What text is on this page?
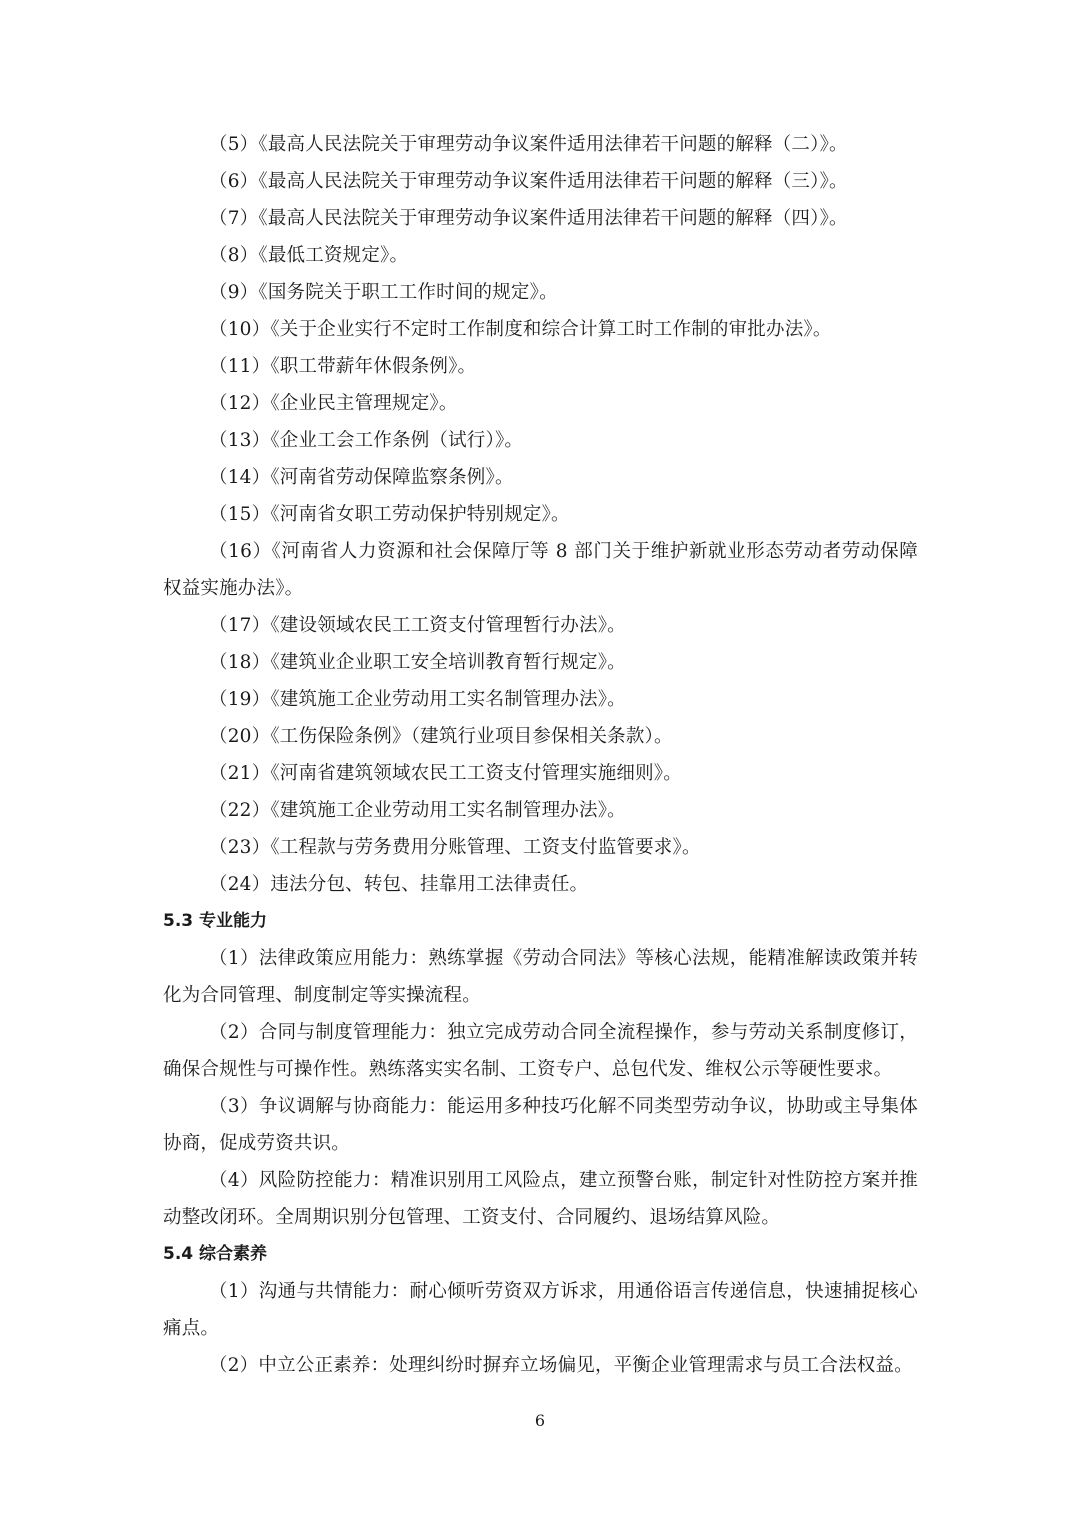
（5）《最高人民法院关于审理劳动争议案件适用法律若干问题的解释（二）》。
（6）《最高人民法院关于审理劳动争议案件适用法律若干问题的解释（三）》。
（7）《最高人民法院关于审理劳动争议案件适用法律若干问题的解释（四）》。
（8）《最低工资规定》。
（9）《国务院关于职工工作时间的规定》。
（10）《关于企业实行不定时工作制度和综合计算工时工作制的审批办法》。
（11）《职工带薪年休假条例》。
（12）《企业民主管理规定》。
（13）《企业工会工作条例（试行）》。
（14）《河南省劳动保障监察条例》。
（15）《河南省女职工劳动保护特别规定》。
（16）《河南省人力资源和社会保障厅等 8 部门关于维护新就业形态劳动者劳动保障
权益实施办法》。
（17）《建设领域农民工工资支付管理暂行办法》。
（18）《建筑业企业职工安全培训教育暂行规定》。
（19）《建筑施工企业劳动用工实名制管理办法》。
（20）《工伤保险条例》（建筑行业项目参保相关条款）。
（21）《河南省建筑领域农民工工资支付管理实施细则》。
（22）《建筑施工企业劳动用工实名制管理办法》。
（23）《工程款与劳务费用分账管理、工资支付监管要求》。
（24）违法分包、转包、挂靠用工法律责任。
5.3 专业能力
（1）法律政策应用能力：熟练掌握《劳动合同法》等核心法规，能精准解读政策并转
化为合同管理、制度制定等实操流程。
（2）合同与制度管理能力：独立完成劳动合同全流程操作，参与劳动关系制度修订，
确保合规性与可操作性。熟练落实实名制、工资专户、总包代发、维权公示等硬性要求。
（3）争议调解与协商能力：能运用多种技巧化解不同类型劳动争议，协助或主导集体
协商，促成劳资共识。
（4）风险防控能力：精准识别用工风险点，建立预警台账，制定针对性防控方案并推
动整改闭环。全周期识别分包管理、工资支付、合同履约、退场结算风险。
5.4 综合素养
（1）沟通与共情能力：耐心倾听劳资双方诉求，用通俗语言传递信息，快速捕捉核心
痛点。
（2）中立公正素养：处理纠纷时摒弃立场偏见，平衡企业管理需求与员工合法权益。
6
